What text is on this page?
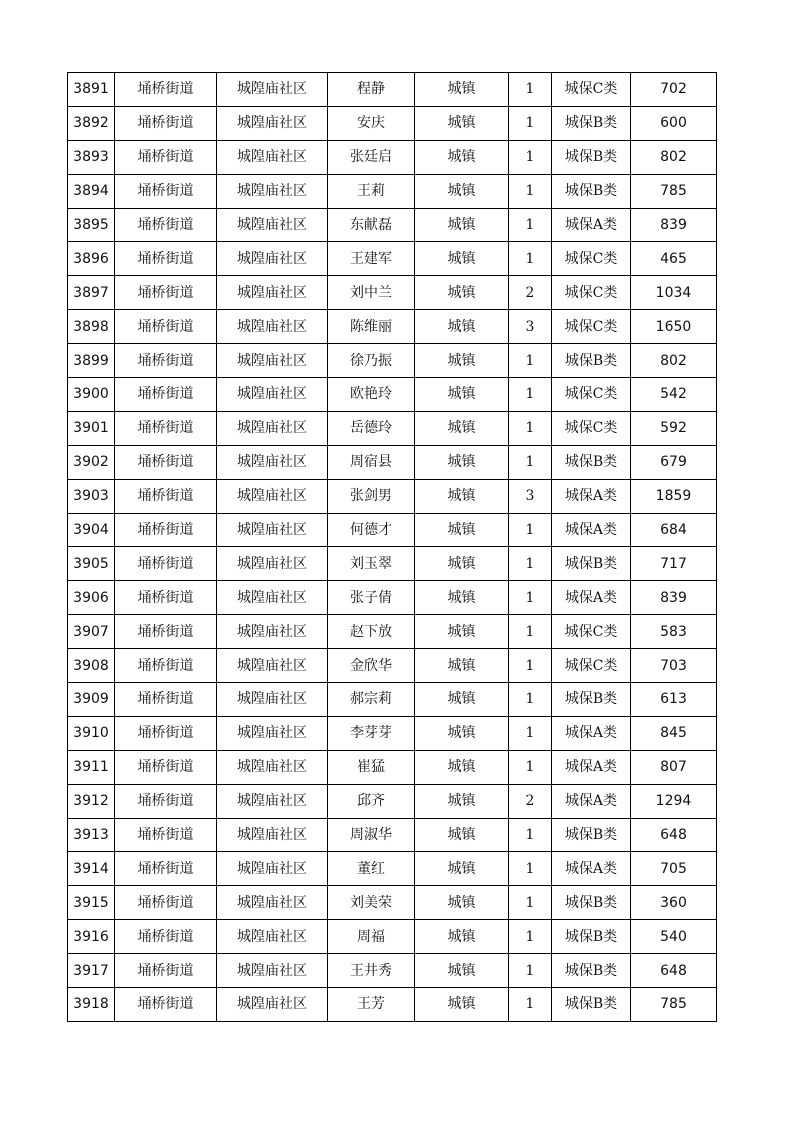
3891	埇桥街道	城隍庙社区	程静	城镇	1	城保C类	702
3892	埇桥街道	城隍庙社区	安庆	城镇	1	城保B类	600
3893	埇桥街道	城隍庙社区	张廷启	城镇	1	城保B类	802
3894	埇桥街道	城隍庙社区	王莉	城镇	1	城保B类	785
3895	埇桥街道	城隍庙社区	东献磊	城镇	1	城保A类	839
3896	埇桥街道	城隍庙社区	王建军	城镇	1	城保C类	465
3897	埇桥街道	城隍庙社区	刘中兰	城镇	2	城保C类	1034
3898	埇桥街道	城隍庙社区	陈维丽	城镇	3	城保C类	1650
3899	埇桥街道	城隍庙社区	徐乃振	城镇	1	城保B类	802
3900	埇桥街道	城隍庙社区	欧艳玲	城镇	1	城保C类	542
3901	埇桥街道	城隍庙社区	岳德玲	城镇	1	城保C类	592
3902	埇桥街道	城隍庙社区	周宿县	城镇	1	城保B类	679
3903	埇桥街道	城隍庙社区	张剑男	城镇	3	城保A类	1859
3904	埇桥街道	城隍庙社区	何德才	城镇	1	城保A类	684
3905	埇桥街道	城隍庙社区	刘玉翠	城镇	1	城保B类	717
3906	埇桥街道	城隍庙社区	张子倩	城镇	1	城保A类	839
3907	埇桥街道	城隍庙社区	赵下放	城镇	1	城保C类	583
3908	埇桥街道	城隍庙社区	金欣华	城镇	1	城保C类	703
3909	埇桥街道	城隍庙社区	郝宗莉	城镇	1	城保B类	613
3910	埇桥街道	城隍庙社区	李芽芽	城镇	1	城保A类	845
3911	埇桥街道	城隍庙社区	崔猛	城镇	1	城保A类	807
3912	埇桥街道	城隍庙社区	邱齐	城镇	2	城保A类	1294
3913	埇桥街道	城隍庙社区	周淑华	城镇	1	城保B类	648
3914	埇桥街道	城隍庙社区	董红	城镇	1	城保A类	705
3915	埇桥街道	城隍庙社区	刘美荣	城镇	1	城保B类	360
3916	埇桥街道	城隍庙社区	周福	城镇	1	城保B类	540
3917	埇桥街道	城隍庙社区	王井秀	城镇	1	城保B类	648
3918	埇桥街道	城隍庙社区	王芳	城镇	1	城保B类	785
